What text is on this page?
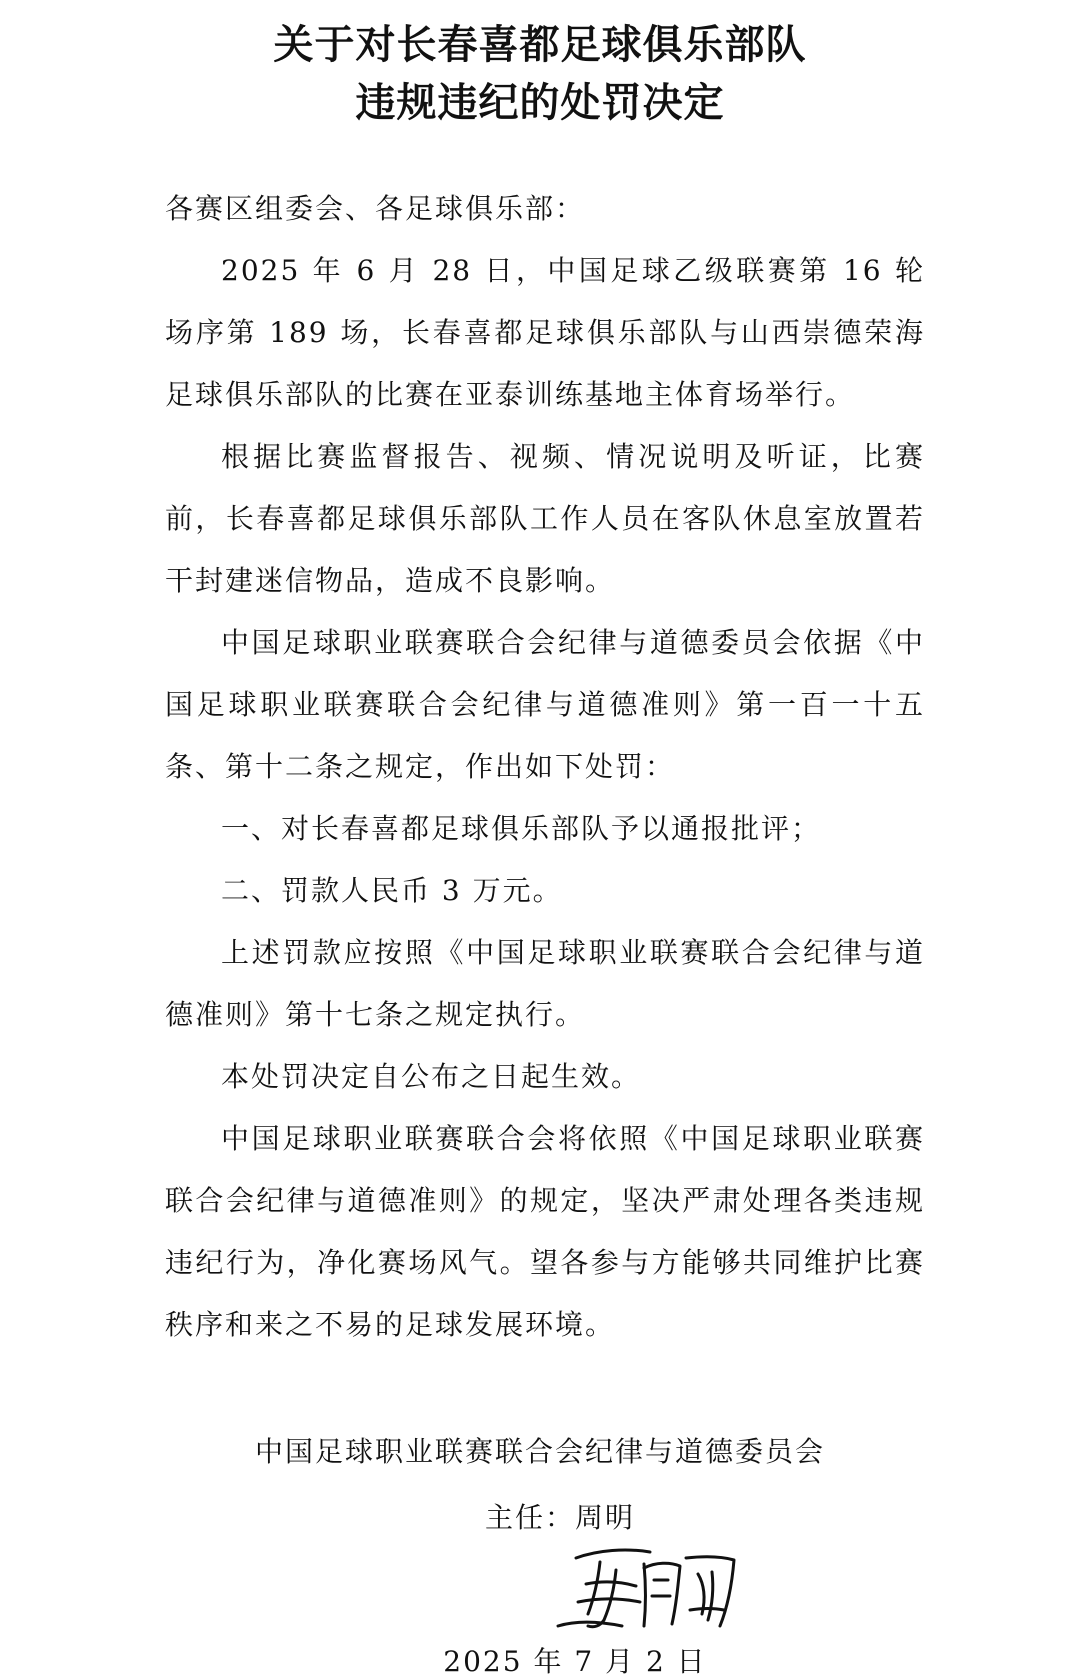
关于对长春喜都足球俱乐部队
违规违纪的处罚决定

各赛区组委会、各足球俱乐部：

2025 年 6 月 28 日，中国足球乙级联赛第 16 轮场序第 189 场，长春喜都足球俱乐部队与山西崇德荣海足球俱乐部队的比赛在亚泰训练基地主体育场举行。

根据比赛监督报告、视频、情况说明及听证，比赛前，长春喜都足球俱乐部队工作人员在客队休息室放置若干封建迷信物品，造成不良影响。

中国足球职业联赛联合会纪律与道德委员会依据《中国足球职业联赛联合会纪律与道德准则》第一百一十五条、第十二条之规定，作出如下处罚：

一、对长春喜都足球俱乐部队予以通报批评；

二、罚款人民币 3 万元。

上述罚款应按照《中国足球职业联赛联合会纪律与道德准则》第十七条之规定执行。

本处罚决定自公布之日起生效。

中国足球职业联赛联合会将依照《中国足球职业联赛联合会纪律与道德准则》的规定，坚决严肃处理各类违规违纪行为，净化赛场风气。望各参与方能够共同维护比赛秩序和来之不易的足球发展环境。

中国足球职业联赛联合会纪律与道德委员会
主任：周明
2025 年 7 月 2 日
